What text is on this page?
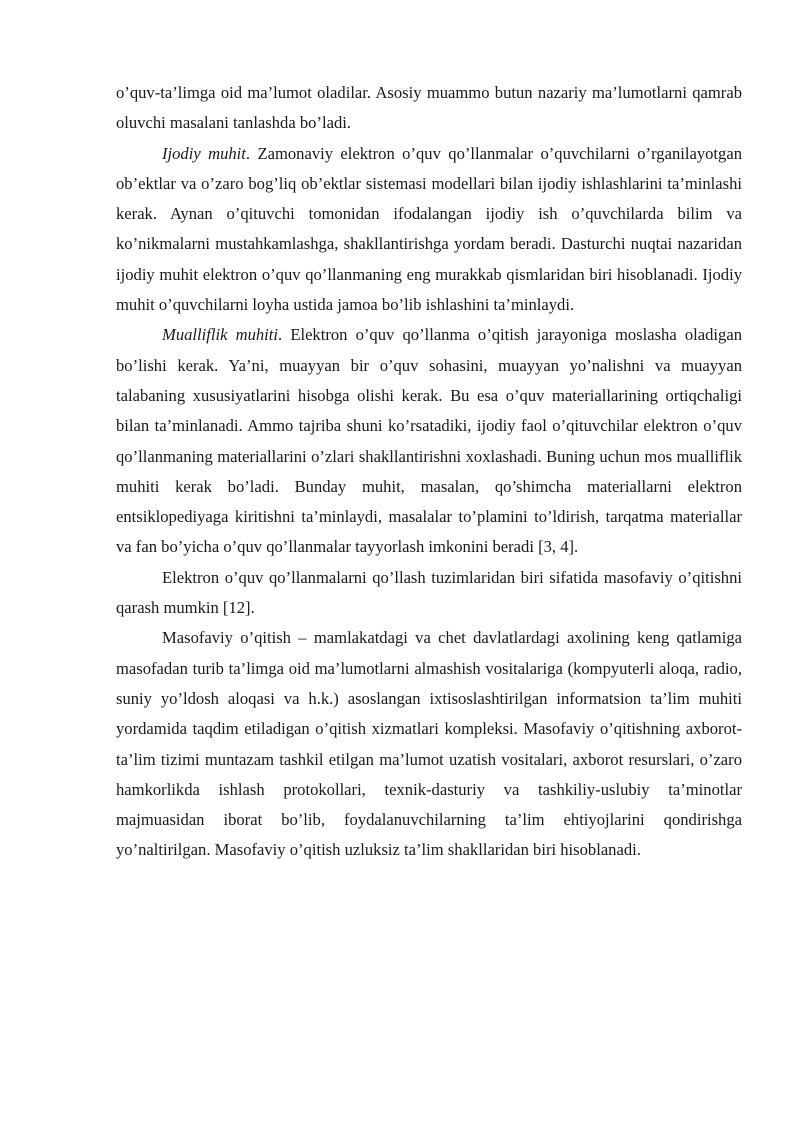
o’quv-ta’limga oid ma’lumot oladilar. Asosiy muammo butun nazariy ma’lumotlarni qamrab oluvchi masalani tanlashda bo’ladi.

Ijodiy muhit. Zamonaviy elektron o’quv qo’llanmalar o’quvchilarni o’rganilayotgan ob’ektlar va o’zaro bog’liq ob’ektlar sistemasi modellari bilan ijodiy ishlashlarini ta’minlashi kerak. Aynan o’qituvchi tomonidan ifodalangan ijodiy ish o’quvchilarda bilim va ko’nikmalarni mustahkamlashga, shakllantirishga yordam beradi. Dasturchi nuqtai nazaridan ijodiy muhit elektron o’quv qo’llanmaning eng murakkab qismlaridan biri hisoblanadi. Ijodiy muhit o’quvchilarni loyha ustida jamoa bo’lib ishlashini ta’minlaydi.

Mualliflik muhiti. Elektron o’quv qo’llanma o’qitish jarayoniga moslasha oladigan bo’lishi kerak. Ya’ni, muayyan bir o’quv sohasini, muayyan yo’nalishni va muayyan talabaning xususiyatlarini hisobga olishi kerak. Bu esa o’quv materiallarining ortiqchaligi bilan ta’minlanadi. Ammo tajriba shuni ko’rsatadiki, ijodiy faol o’qituvchilar elektron o’quv qo’llanmaning materiallarini o’zlari shakllantirishni xoxlashadi. Buning uchun mos mualliflik muhiti kerak bo’ladi. Bunday muhit, masalan, qo’shimcha materiallarni elektron entsiklopediyaga kiritishni ta’minlaydi, masalalar to’plamini to’ldirish, tarqatma materiallar va fan bo’yicha o’quv qo’llanmalar tayyorlash imkonini beradi [3, 4].

Elektron o’quv qo’llanmalarni qo’llash tuzimlaridan biri sifatida masofaviy o’qitishni qarash mumkin [12].

Masofaviy o’qitish – mamlakatdagi va chet davlatlardagi axolining keng qatlamiga masofadan turib ta’limga oid ma’lumotlarni almashish vositalariga (kompyuterli aloqa, radio, suniy yo’ldosh aloqasi va h.k.) asoslangan ixtisoslashtirilgan informatsion ta’lim muhiti yordamida taqdim etiladigan o’qitish xizmatlari kompleksi. Masofaviy o’qitishning axborot-ta’lim tizimi muntazam tashkil etilgan ma’lumot uzatish vositalari, axborot resurslari, o’zaro hamkorlikda ishlash protokollari, texnik-dasturiy va tashkiliy-uslubiy ta’minotlar majmuasidan iborat bo’lib, foydalanuvchilarning ta’lim ehtiyojlarini qondirishga yo’naltirilgan. Masofaviy o’qitish uzluksiz ta’lim shakllaridan biri hisoblanadi.
